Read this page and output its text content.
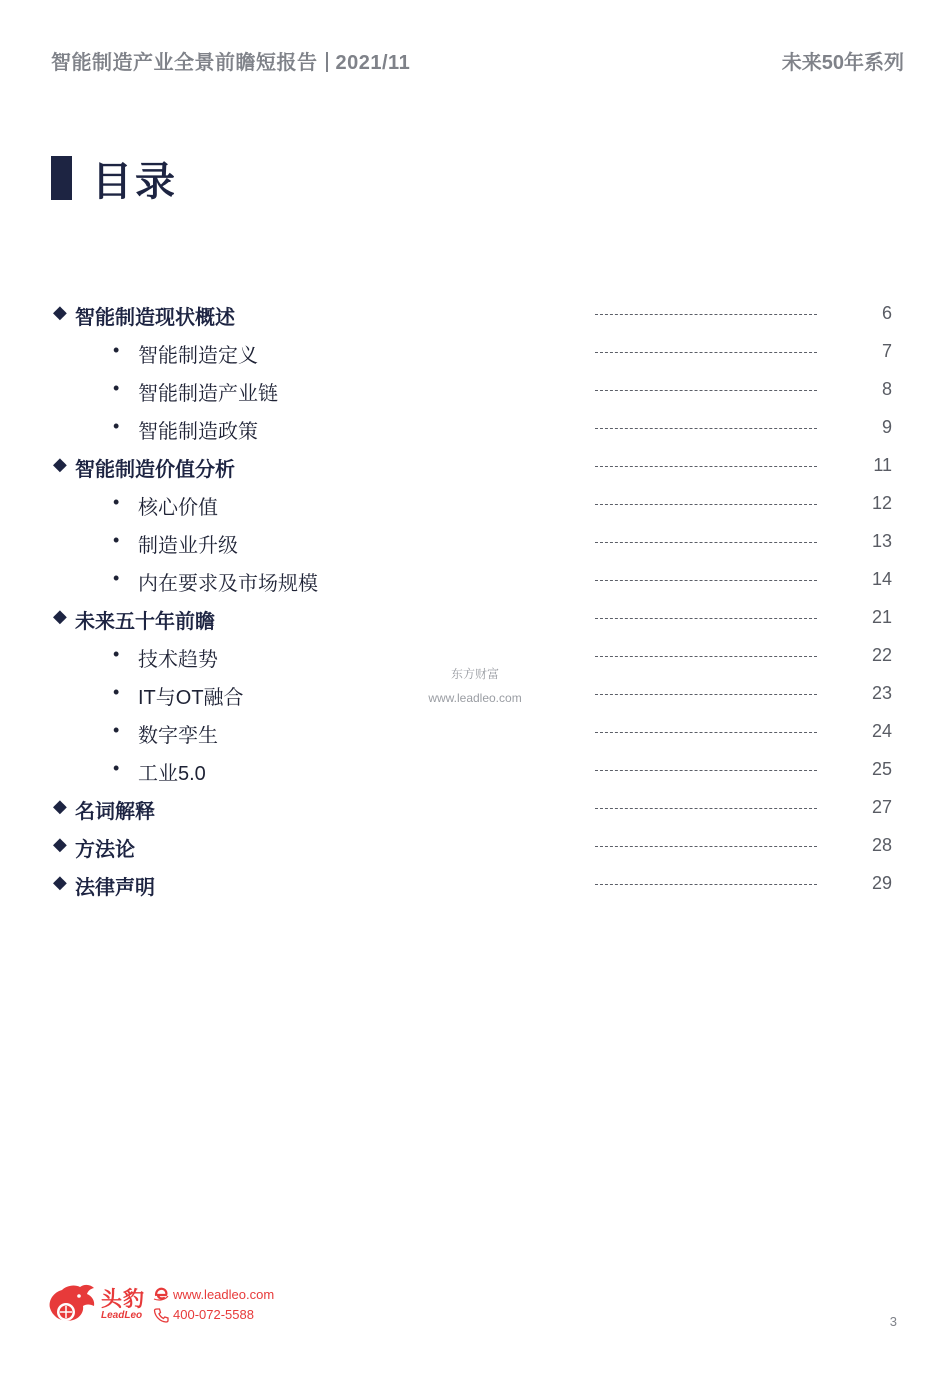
智能制造产业全景前瞻短报告 2021/11	未来50年系列
目录
◆ 智能制造现状概述	6
• 智能制造定义	7
• 智能制造产业链	8
• 智能制造政策	9
◆ 智能制造价值分析	11
• 核心价值	12
• 制造业升级	13
• 内在要求及市场规模	14
◆ 未来五十年前瞻	21
• 技术趋势	22
• IT与OT融合	23
• 数字孪生	24
• 工业5.0	25
◆ 名词解释	27
◆ 方法论	28
◆ 法律声明	29
东方财富
www.leadleo.com
头豹
LeadLeo
www.leadleo.com
400-072-5588	3
